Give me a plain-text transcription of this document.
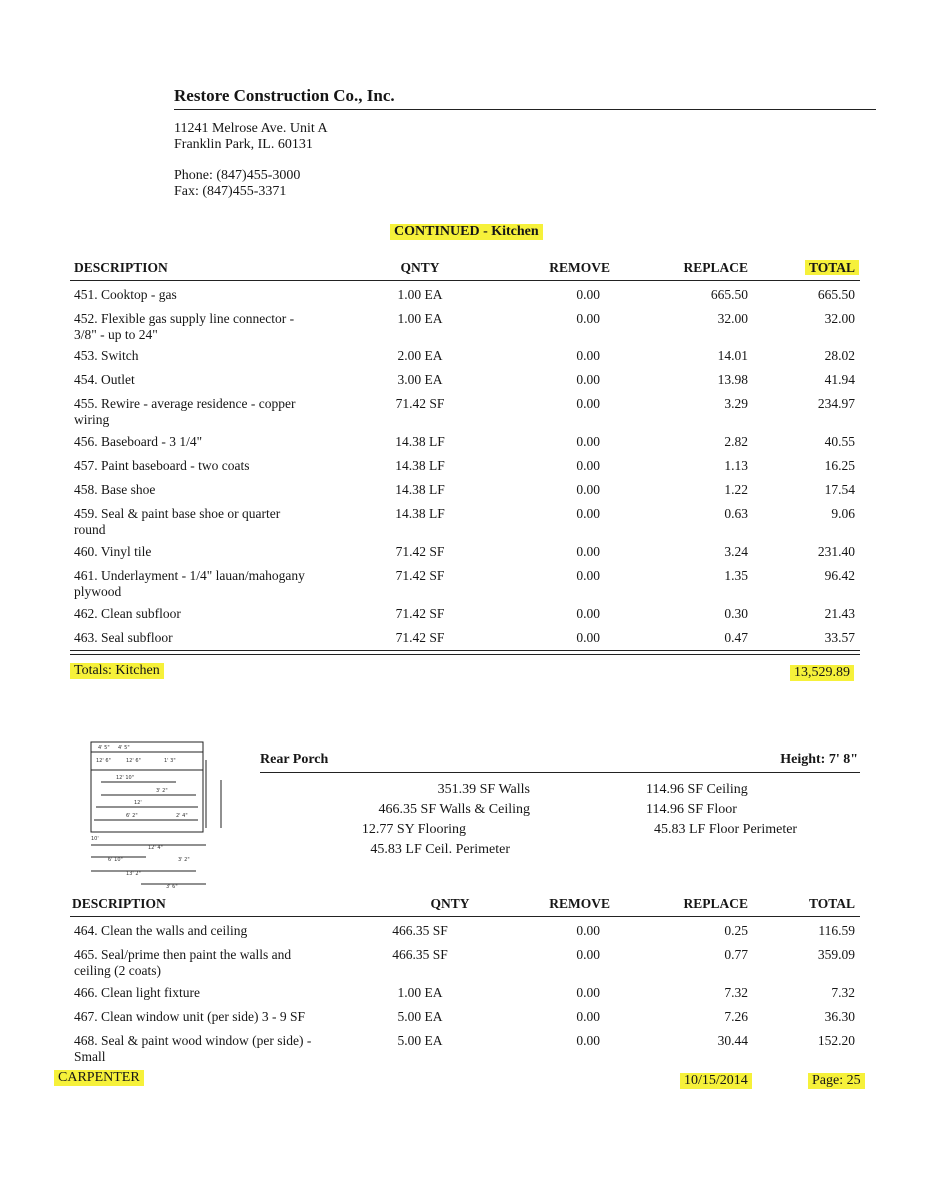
Restore Construction Co., Inc.
11241 Melrose Ave. Unit A
Franklin Park, IL. 60131
Phone: (847)455-3000
Fax: (847)455-3371
CONTINUED - Kitchen
DESCRIPTION	QNTY	REMOVE	REPLACE	TOTAL
451. Cooktop - gas	1.00 EA	0.00	665.50	665.50
452. Flexible gas supply line connector -
3/8" - up to 24"
1.00 EA	0.00	32.00	32.00
453. Switch	2.00 EA	0.00	14.01	28.02
454. Outlet	3.00 EA	0.00	13.98	41.94
455. Rewire - average residence - copper
wiring
71.42 SF	0.00	3.29	234.97
456. Baseboard - 3 1/4"	14.38 LF	0.00	2.82	40.55
457. Paint baseboard - two coats	14.38 LF	0.00	1.13	16.25
458. Base shoe	14.38 LF	0.00	1.22	17.54
459. Seal & paint base shoe or quarter
round
14.38 LF	0.00	0.63	9.06
460. Vinyl tile	71.42 SF	0.00	3.24	231.40
461. Underlayment - 1/4" lauan/mahogany
plywood
71.42 SF	0.00	1.35	96.42
462. Clean subfloor	71.42 SF	0.00	0.30	21.43
463. Seal subfloor	71.42 SF	0.00	0.47	33.57
Totals: Kitchen	13,529.89
4' 5" 4' 5"
12' 6"	12' 6"	1' 3"
12' 10"
3' 2"
12'
6' 2"	2' 4"
10'
12' 4"
6' 10"	3' 2"
13' 2"
3' 6"
Rear Porch	Height: 7' 8"
351.39 SF Walls
466.35 SF Walls & Ceiling
12.77 SY Flooring
45.83 LF Ceil. Perimeter
114.96 SF Ceiling
114.96 SF Floor
45.83 LF Floor Perimeter
DESCRIPTION	QNTY	REMOVE	REPLACE	TOTAL
464. Clean the walls and ceiling	466.35 SF	0.00	0.25	116.59
465. Seal/prime then paint the walls and
ceiling (2 coats)
466.35 SF	0.00	0.77	359.09
466. Clean light fixture	1.00 EA	0.00	7.32	7.32
467. Clean window unit (per side) 3 - 9 SF	5.00 EA	0.00	7.26	36.30
468. Seal & paint wood window (per side) -
Small
5.00 EA	0.00	30.44	152.20
CARPENTER	10/15/2014	Page: 25
